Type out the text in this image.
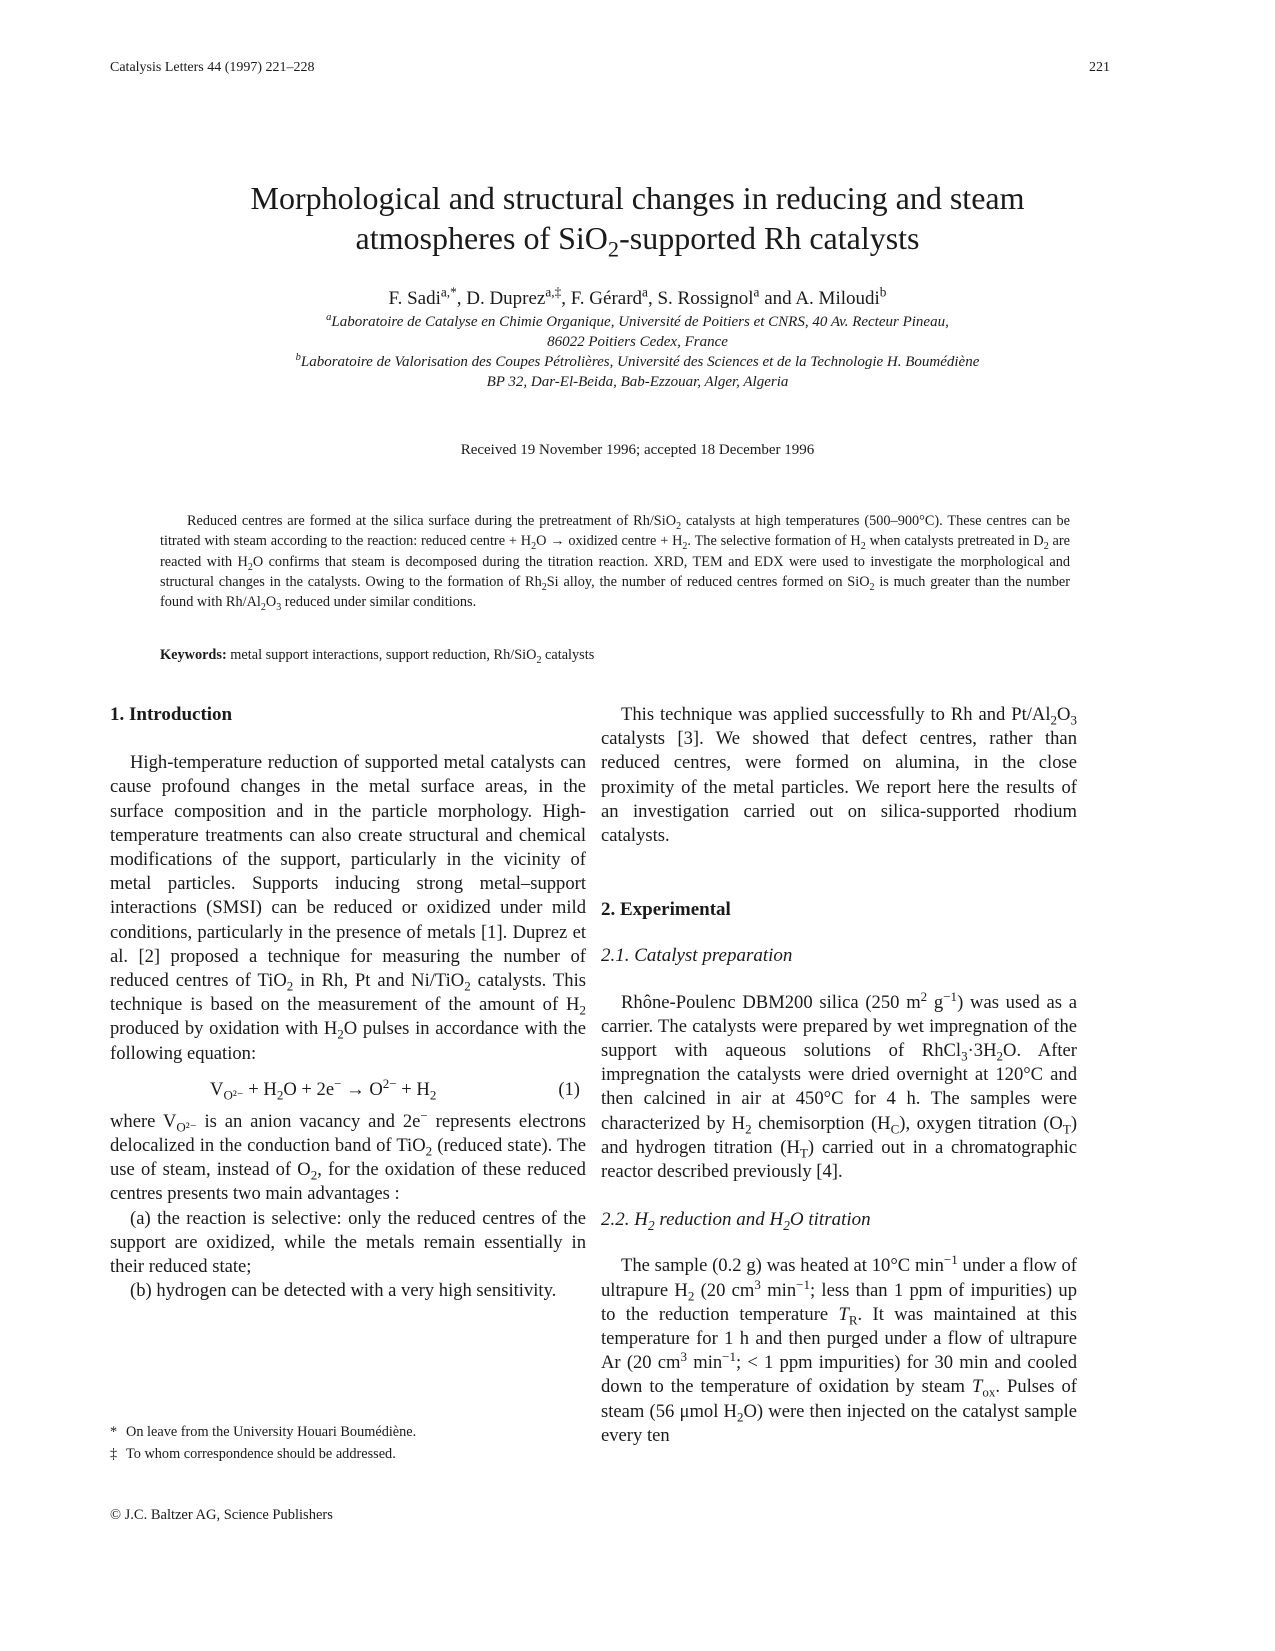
Catalysis Letters 44 (1997) 221–228	221
Morphological and structural changes in reducing and steam
atmospheres of SiO$_2$-supported Rh catalysts
F. Sadi$^{a,*}$, D. Duprez$^{a,\ddagger}$, F. Gérard$^a$, S. Rossignol$^a$ and A. Miloudi$^b$
$^a$Laboratoire de Catalyse en Chimie Organique, Université de Poitiers et CNRS, 40 Av. Recteur Pineau,
86022 Poitiers Cedex, France
$^b$Laboratoire de Valorisation des Coupes Pétrolières, Université des Sciences et de la Technologie H. Boumédiène
BP 32, Dar-El-Beida, Bab-Ezzouar, Alger, Algeria
Received 19 November 1996; accepted 18 December 1996

Reduced centres are formed at the silica surface during the pretreatment of Rh/SiO$_2$ catalysts at high temperatures (500–900°C). These centres can be titrated with steam according to the reaction: reduced centre + $H_2O$ → oxidized centre + $H_2$. The selective formation of $H_2$ when catalysts pretreated in $D_2$ are reacted with $H_2O$ confirms that steam is decomposed during the titration reaction. XRD, TEM and EDX were used to investigate the morphological and structural changes in the catalysts. Owing to the formation of $Rh_2Si$ alloy, the number of reduced centres formed on SiO$_2$ is much greater than the number found with $Rh/Al_2O_3$ reduced under similar conditions.

Keywords: metal support interactions, support reduction, Rh/SiO$_2$ catalysts
1. Introduction

High-temperature reduction of supported metal catalysts can cause profound changes in the metal surface areas, in the surface composition and in the particle morphology. High-temperature treatments can also create structural and chemical modifications of the support, particularly in the vicinity of metal particles. Supports inducing strong metal–support interactions (SMSI) can be reduced or oxidized under mild conditions, particularly in the presence of metals [1]. Duprez et al. [2] proposed a technique for measuring the number of reduced centres of TiO$_2$ in Rh, Pt and Ni/TiO$_2$ catalysts. This technique is based on the measurement of the amount of $H_2$ produced by oxidation with $H_2O$ pulses in accordance with the following equation:

$V_{O^{2-}} + H_2O + 2e^- \to O^{2-} + H_2$	(1)

where $V_{O^{2-}}$ is an anion vacancy and 2e− represents electrons delocalized in the conduction band of TiO$_2$ (reduced state). The use of steam, instead of $O_2$, for the oxidation of these reduced centres presents two main advantages :

(a) the reaction is selective: only the reduced centres of the support are oxidized, while the metals remain essentially in their reduced state;

(b) hydrogen can be detected with a very high sensitivity.

* On leave from the University Houari Boumédiène.
‡ To whom correspondence should be addressed.
© J.C. Baltzer AG, Science Publishers

This technique was applied successfully to Rh and $Pt/Al_2O_3$ catalysts [3]. We showed that defect centres, rather than reduced centres, were formed on alumina, in the close proximity of the metal particles. We report here the results of an investigation carried out on silica-supported rhodium catalysts.

2. Experimental
2.1. Catalyst preparation

Rhône-Poulenc DBM200 silica (250 $m^2$ $g^{-1}$) was used as a carrier. The catalysts were prepared by wet impregnation of the support with aqueous solutions of $RhCl_3\cdot 3H_2O$. After impregnation the catalysts were dried overnight at 120°C and then calcined in air at 450°C for 4 h. The samples were characterized by $H_2$ chemisorption $(H_C)$, oxygen titration $(O_T)$ and hydrogen titration $(H_T)$ carried out in a chromatographic reactor described previously [4].

2.2. $H_2$ reduction and $H_2O$ titration

The sample (0.2 g) was heated at 10°C $\min^{-1}$ under a flow of ultrapure $H_2$ (20 $cm^3$ $\min^{-1}$; less than 1 ppm of impurities) up to the reduction temperature $T_R$. It was maintained at this temperature for 1 h and then purged under a flow of ultrapure Ar (20 $cm^3$ $\min^{-1}$; < 1 ppm impurities) for 30 min and cooled down to the temperature of oxidation by steam $T_{ox}$. Pulses of steam (56 μmol $H_2O$) were then injected on the catalyst sample every ten
